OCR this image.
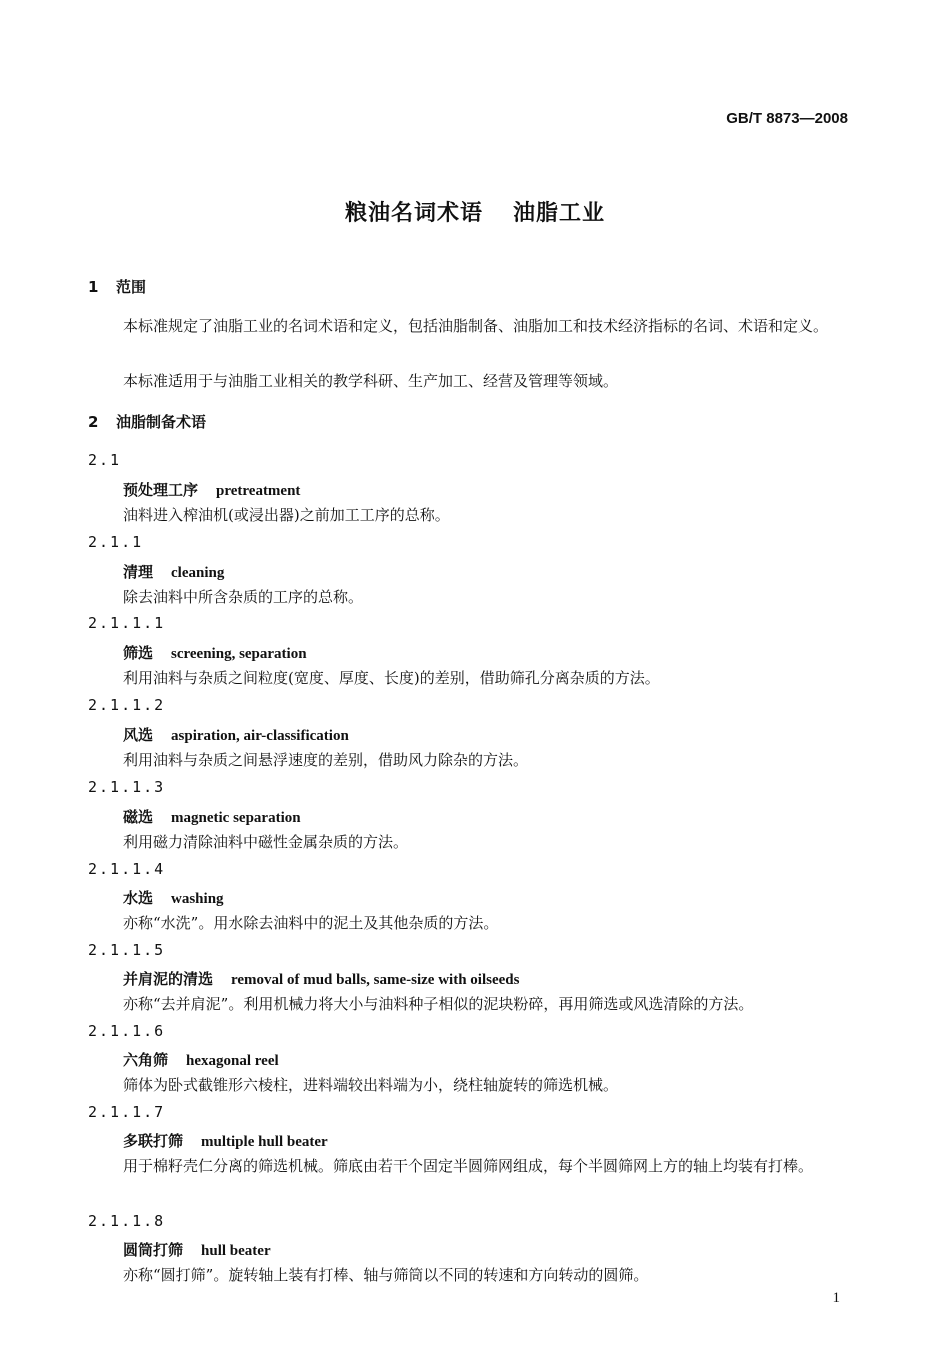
GB/T 8873—2008
粮油名词术语 油脂工业
1 范围
本标准规定了油脂工业的名词术语和定义，包括油脂制备、油脂加工和技术经济指标的名词、术语和定义。
本标准适用于与油脂工业相关的教学科研、生产加工、经营及管理等领域。
2 油脂制备术语
2.1
预处理工序 pretreatment
油料进入榨油机(或浸出器)之前加工工序的总称。
2.1.1
清理 cleaning
除去油料中所含杂质的工序的总称。
2.1.1.1
筛选 screening, separation
利用油料与杂质之间粒度(宽度、厚度、长度)的差别，借助筛孔分离杂质的方法。
2.1.1.2
风选 aspiration, air-classification
利用油料与杂质之间悬浮速度的差别，借助风力除杂的方法。
2.1.1.3
磁选 magnetic separation
利用磁力清除油料中磁性金属杂质的方法。
2.1.1.4
水选 washing
亦称“水洗”。用水除去油料中的泥土及其他杂质的方法。
2.1.1.5
并肩泥的清选 removal of mud balls, same-size with oilseeds
亦称“去并肩泥”。利用机械力将大小与油料种子相似的泥块粉碎，再用筛选或风选清除的方法。
2.1.1.6
六角筛 hexagonal reel
筛体为卧式截锥形六棱柱，进料端较出料端为小，绕柱轴旋转的筛选机械。
2.1.1.7
多联打筛 multiple hull beater
用于棉籽壳仁分离的筛选机械。筛底由若干个固定半圆筛网组成，每个半圆筛网上方的轴上均装有打棒。
2.1.1.8
圆筒打筛 hull beater
亦称“圆打筛”。旋转轴上装有打棒、轴与筛筒以不同的转速和方向转动的圆筛。
1
